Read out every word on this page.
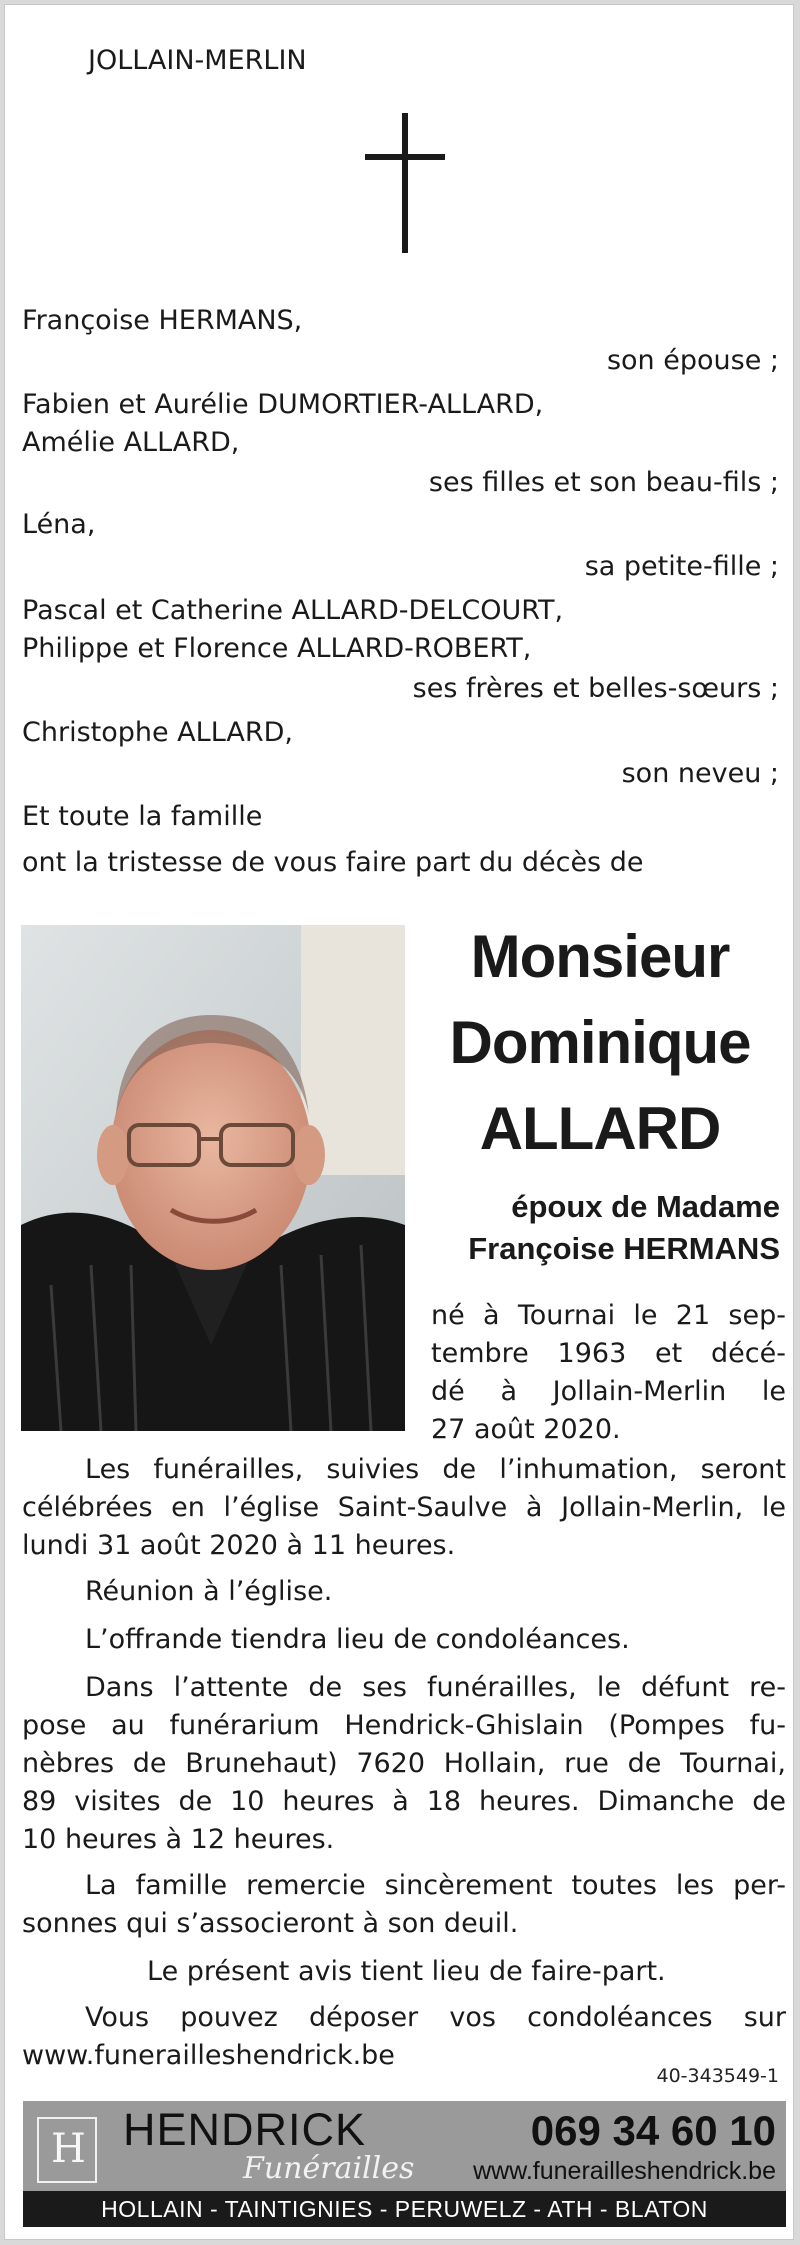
JOLLAIN-MERLIN
Françoise HERMANS,
son épouse ;
Fabien et Aurélie DUMORTIER-ALLARD,
Amélie ALLARD,
ses filles et son beau-fils ;
Léna,
sa petite-fille ;
Pascal et Catherine ALLARD-DELCOURT,
Philippe et Florence ALLARD-ROBERT,
ses frères et belles-sœurs ;
Christophe ALLARD,
son neveu ;
Et toute la famille
ont la tristesse de vous faire part du décès de
Monsieur
Dominique
ALLARD
époux de Madame
Françoise HERMANS
né à Tournai le 21 sep-
tembre 1963 et décé-
dé à Jollain-Merlin le
27 août 2020.
Les funérailles, suivies de l’inhumation, seront
célébrées en l’église Saint-Saulve à Jollain-Merlin, le
lundi 31 août 2020 à 11 heures.
Réunion à l’église.
L’offrande tiendra lieu de condoléances.
Dans l’attente de ses funérailles, le défunt re-
pose au funérarium Hendrick-Ghislain (Pompes fu-
nèbres de Brunehaut) 7620 Hollain, rue de Tournai,
89 visites de 10 heures à 18 heures. Dimanche de
10 heures à 12 heures.
La famille remercie sincèrement toutes les per-
sonnes qui s’associeront à son deuil.
Le présent avis tient lieu de faire-part.
Vous pouvez déposer vos condoléances sur
www.funerailleshendrick.be
40-343549-1
H HENDRICK
Funérailles
069 34 60 10
www.funerailleshendrick.be
HOLLAIN - TAINTIGNIES - PERUWELZ - ATH - BLATON
